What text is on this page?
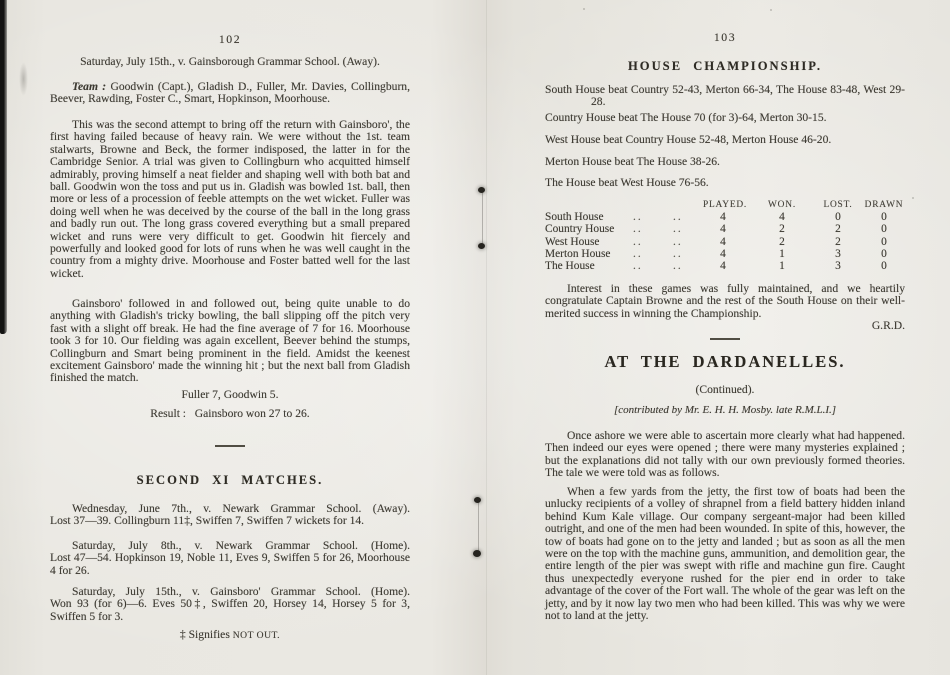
102
Saturday, July 15th., v. Gainsborough Grammar School. (Away).
Team : Goodwin (Capt.), Gladish D., Fuller, Mr. Davies, Collingburn, Beever, Rawding, Foster C., Smart, Hopkinson, Moorhouse.
This was the second attempt to bring off the return with Gainsboro', the first having failed because of heavy rain. We were without the 1st. team stalwarts, Browne and Beck, the former indisposed, the latter in for the Cambridge Senior. A trial was given to Collingburn who acquitted himself admirably, proving himself a neat fielder and shaping well with both bat and ball. Goodwin won the toss and put us in. Gladish was bowled 1st. ball, then more or less of a procession of feeble attempts on the wet wicket. Fuller was doing well when he was deceived by the course of the ball in the long grass and badly run out. The long grass covered everything but a small prepared wicket and runs were very difficult to get. Goodwin hit fiercely and powerfully and looked good for lots of runs when he was well caught in the country from a mighty drive. Moorhouse and Foster batted well for the last wicket.
Gainsboro' followed in and followed out, being quite unable to do anything with Gladish's tricky bowling, the ball slipping off the pitch very fast with a slight off break. He had the fine average of 7 for 16. Moorhouse took 3 for 10. Our fielding was again excellent, Beever behind the stumps, Collingburn and Smart being prominent in the field. Amidst the keenest excitement Gainsboro' made the winning hit ; but the next ball from Gladish finished the match.
Fuller 7, Goodwin 5.
Result :   Gainsboro won 27 to 26.
SECOND XI MATCHES.
Wednesday, June 7th., v. Newark Grammar School. (Away).
Lost 37—39. Collingburn 11‡, Swiffen 7, Swiffen 7 wickets for 14.
Saturday, July 8th., v. Newark Grammar School. (Home).
Lost 47—54. Hopkinson 19, Noble 11, Eves 9, Swiffen 5 for 26, Moorhouse 4 for 26.
Saturday, July 15th., v. Gainsboro' Grammar School. (Home).
Won 93 (for 6)—6. Eves 50‡, Swiffen 20, Horsey 14, Horsey 5 for 3, Swiffen 5 for 3.
‡ Signifies NOT OUT.
103
HOUSE CHAMPIONSHIP.
South House beat Country 52-43, Merton 66-34, The House 83-48, West 29-28.
Country House beat The House 70 (for 3)-64, Merton 30-15.
West House beat Country House 52-48, Merton House 46-20.
Merton House beat The House 38-26.
The House beat West House 76-56.
PLAYED.	WON.	LOST.	DRAWN
South House	..	..	4	4	0	0
Country House	..	..	4	2	2	0
West House	..	..	4	2	2	0
Merton House	..	..	4	1	3	0
The House	..	..	4	1	3	0
Interest in these games was fully maintained, and we heartily congratulate Captain Browne and the rest of the South House on their well-merited success in winning the Championship.
G.R.D.
AT THE DARDANELLES.
(Continued).
[contributed by Mr. E. H. H. Mosby. late R.M.L.I.]
Once ashore we were able to ascertain more clearly what had happened. Then indeed our eyes were opened ; there were many mysteries explained ; but the explanations did not tally with our own previously formed theories. The tale we were told was as follows.
When a few yards from the jetty, the first tow of boats had been the unlucky recipients of a volley of shrapnel from a field battery hidden inland behind Kum Kale village. Our company sergeant-major had been killed outright, and one of the men had been wounded. In spite of this, however, the tow of boats had gone on to the jetty and landed ; but as soon as all the men were on the top with the machine guns, ammunition, and demolition gear, the entire length of the pier was swept with rifle and machine gun fire. Caught thus unexpectedly everyone rushed for the pier end in order to take advantage of the cover of the Fort wall. The whole of the gear was left on the jetty, and by it now lay two men who had been killed. This was why we were not to land at the jetty.
